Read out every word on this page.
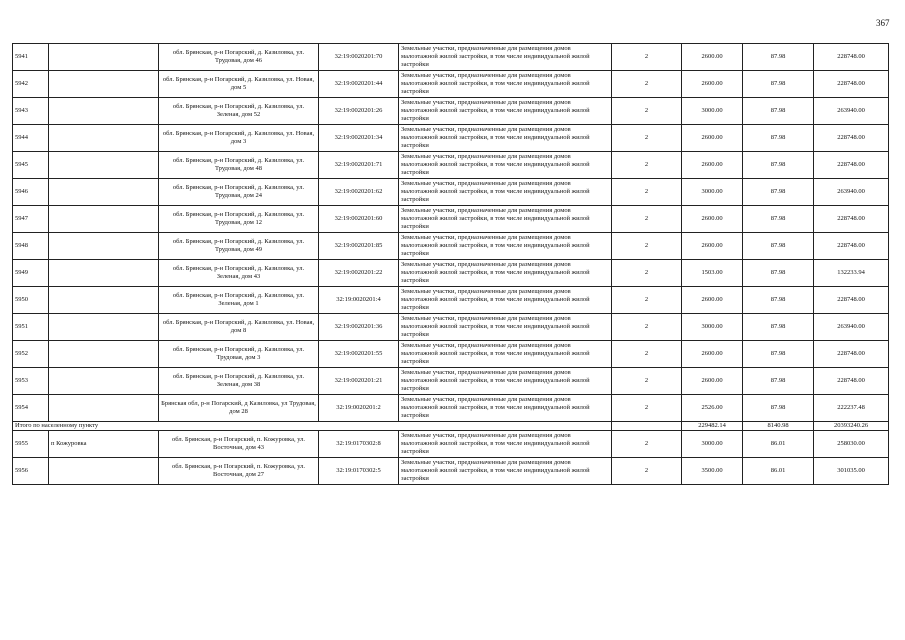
367
5941		обл. Брянская, р-н Погарский, д. Казиловка, ул. Трудовая, дом 46	32:19:0020201:70	Земельные участки, предназначенные для размещения домов малоэтажной жилой застройки, в том числе индивидуальной жилой застройки	2	2600.00	87.98	228748.00
5942		обл. Брянская, р-н Погарский, д. Казиловка, ул. Новая, дом 5	32:19:0020201:44	Земельные участки, предназначенные для размещения домов малоэтажной жилой застройки, в том числе индивидуальной жилой застройки	2	2600.00	87.98	228748.00
5943		обл. Брянская, р-н Погарский, д. Казиловка, ул. Зеленая, дом 52	32:19:0020201:26	Земельные участки, предназначенные для размещения домов малоэтажной жилой застройки, в том числе индивидуальной жилой застройки	2	3000.00	87.98	263940.00
5944		обл. Брянская, р-н Погарский, д. Казиловка, ул. Новая, дом 3	32:19:0020201:34	Земельные участки, предназначенные для размещения домов малоэтажной жилой застройки, в том числе индивидуальной жилой застройки	2	2600.00	87.98	228748.00
5945		обл. Брянская, р-н Погарский, д. Казиловка, ул. Трудовая, дом 48	32:19:0020201:71	Земельные участки, предназначенные для размещения домов малоэтажной жилой застройки, в том числе индивидуальной жилой застройки	2	2600.00	87.98	228748.00
5946		обл. Брянская, р-н Погарский, д. Казиловка, ул. Трудовая, дом 24	32:19:0020201:62	Земельные участки, предназначенные для размещения домов малоэтажной жилой застройки, в том числе индивидуальной жилой застройки	2	3000.00	87.98	263940.00
5947		обл. Брянская, р-н Погарский, д. Казиловка, ул. Трудовая, дом 12	32:19:0020201:60	Земельные участки, предназначенные для размещения домов малоэтажной жилой застройки, в том числе индивидуальной жилой застройки	2	2600.00	87.98	228748.00
5948		обл. Брянская, р-н Погарский, д. Казиловка, ул. Трудовая, дом 49	32:19:0020201:85	Земельные участки, предназначенные для размещения домов малоэтажной жилой застройки, в том числе индивидуальной жилой застройки	2	2600.00	87.98	228748.00
5949		обл. Брянская, р-н Погарский, д. Казиловка, ул. Зеленая, дом 43	32:19:0020201:22	Земельные участки, предназначенные для размещения домов малоэтажной жилой застройки, в том числе индивидуальной жилой застройки	2	1503.00	87.98	132233.94
5950		обл. Брянская, р-н Погарский, д. Казиловка, ул. Зеленая, дом 1	32:19:0020201:4	Земельные участки, предназначенные для размещения домов малоэтажной жилой застройки, в том числе индивидуальной жилой застройки	2	2600.00	87.98	228748.00
5951		обл. Брянская, р-н Погарский, д. Казиловка, ул. Новая, дом 8	32:19:0020201:36	Земельные участки, предназначенные для размещения домов малоэтажной жилой застройки, в том числе индивидуальной жилой застройки	2	3000.00	87.98	263940.00
5952		обл. Брянская, р-н Погарский, д. Казиловка, ул. Трудовая, дом 3	32:19:0020201:55	Земельные участки, предназначенные для размещения домов малоэтажной жилой застройки, в том числе индивидуальной жилой застройки	2	2600.00	87.98	228748.00
5953		обл. Брянская, р-н Погарский, д. Казиловка, ул. Зеленая, дом 38	32:19:0020201:21	Земельные участки, предназначенные для размещения домов малоэтажной жилой застройки, в том числе индивидуальной жилой застройки	2	2600.00	87.98	228748.00
5954		Брянская обл, р-н Погарский, д Казиловка, ул Трудовая, дом 28	32:19:0020201:2	Земельные участки, предназначенные для размещения домов малоэтажной жилой застройки, в том числе индивидуальной жилой застройки	2	2526.00	87.98	222237.48
Итого по населенному пункту						229482.14	8140.98	20393240.26
5955	п Кожуровка	обл. Брянская, р-н Погарский, п. Кожуровка, ул. Восточная, дом 43	32:19:0170302:8	Земельные участки, предназначенные для размещения домов малоэтажной жилой застройки, в том числе индивидуальной жилой застройки	2	3000.00	86.01	258030.00
5956		обл. Брянская, р-н Погарский, п. Кожуровка, ул. Восточная, дом 27	32:19:0170302:5	Земельные участки, предназначенные для размещения домов малоэтажной жилой застройки, в том числе индивидуальной жилой застройки	2	3500.00	86.01	301035.00
